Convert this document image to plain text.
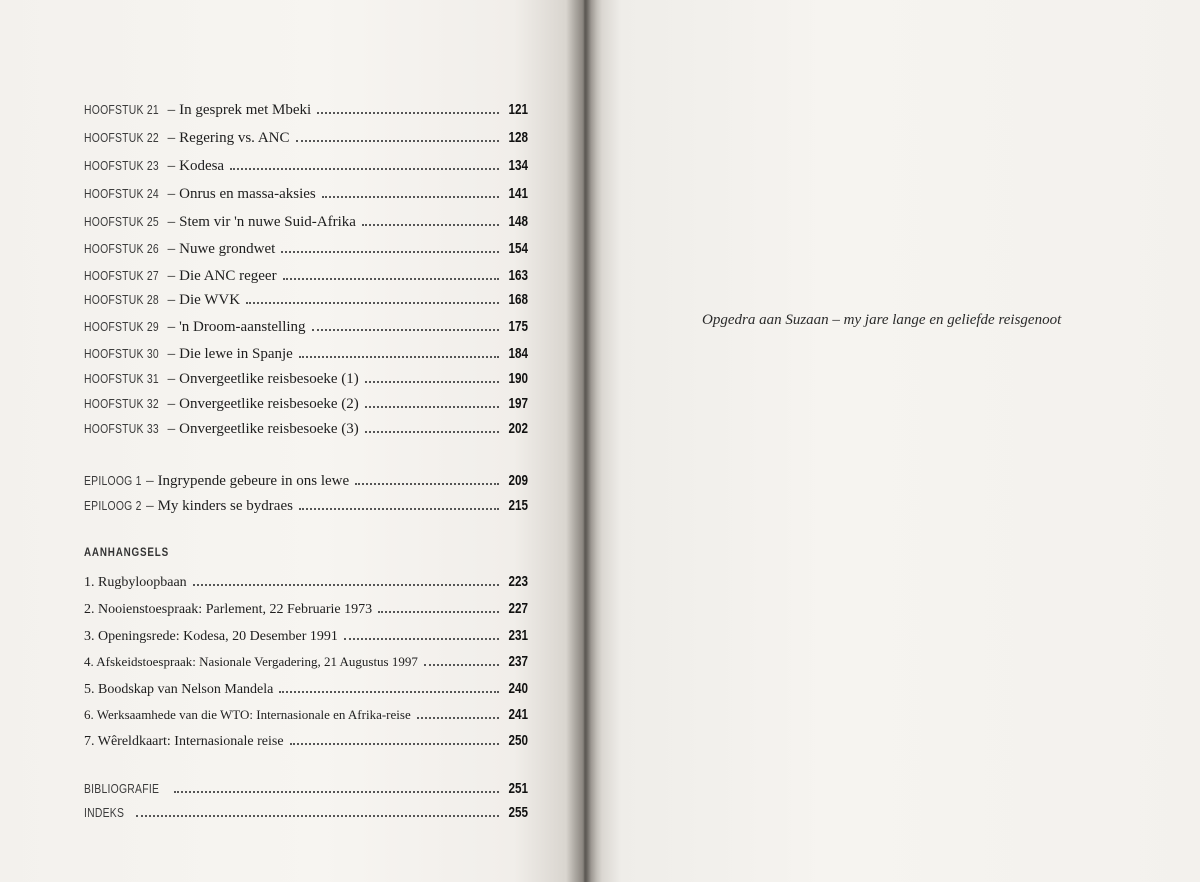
HOOFSTUK 21 – In gesprek met Mbeki	121
HOOFSTUK 22 – Regering vs. ANC	128
HOOFSTUK 23 – Kodesa	134
HOOFSTUK 24 – Onrus en massa-aksies	141
HOOFSTUK 25 – Stem vir 'n nuwe Suid-Afrika	148
HOOFSTUK 26 – Nuwe grondwet	154
HOOFSTUK 27 – Die ANC regeer	163
HOOFSTUK 28 – Die WVK	168
HOOFSTUK 29 – 'n Droom-aanstelling	175
HOOFSTUK 30 – Die lewe in Spanje	184
HOOFSTUK 31 – Onvergeetlike reisbesoeke (1)	190
HOOFSTUK 32 – Onvergeetlike reisbesoeke (2)	197
HOOFSTUK 33 – Onvergeetlike reisbesoeke (3)	202
EPILOOG 1 – Ingrypende gebeure in ons lewe	209
EPILOOG 2 – My kinders se bydraes	215
AANHANGSELS
1. Rugbyloopbaan	223
2. Nooienstoespraak: Parlement, 22 Februarie 1973	227
3. Openingsrede: Kodesa, 20 Desember 1991	231
4. Afskeidstoespraak: Nasionale Vergadering, 21 Augustus 1997	237
5. Boodskap van Nelson Mandela	240
6. Werksaamhede van die WTO: Internasionale en Afrika-reise	241
7. Wêreldkaart: Internasionale reise	250
BIBLIOGRAFIE	251
INDEKS	255
Opgedra aan Suzaan – my jare lange en geliefde reisgenoot
